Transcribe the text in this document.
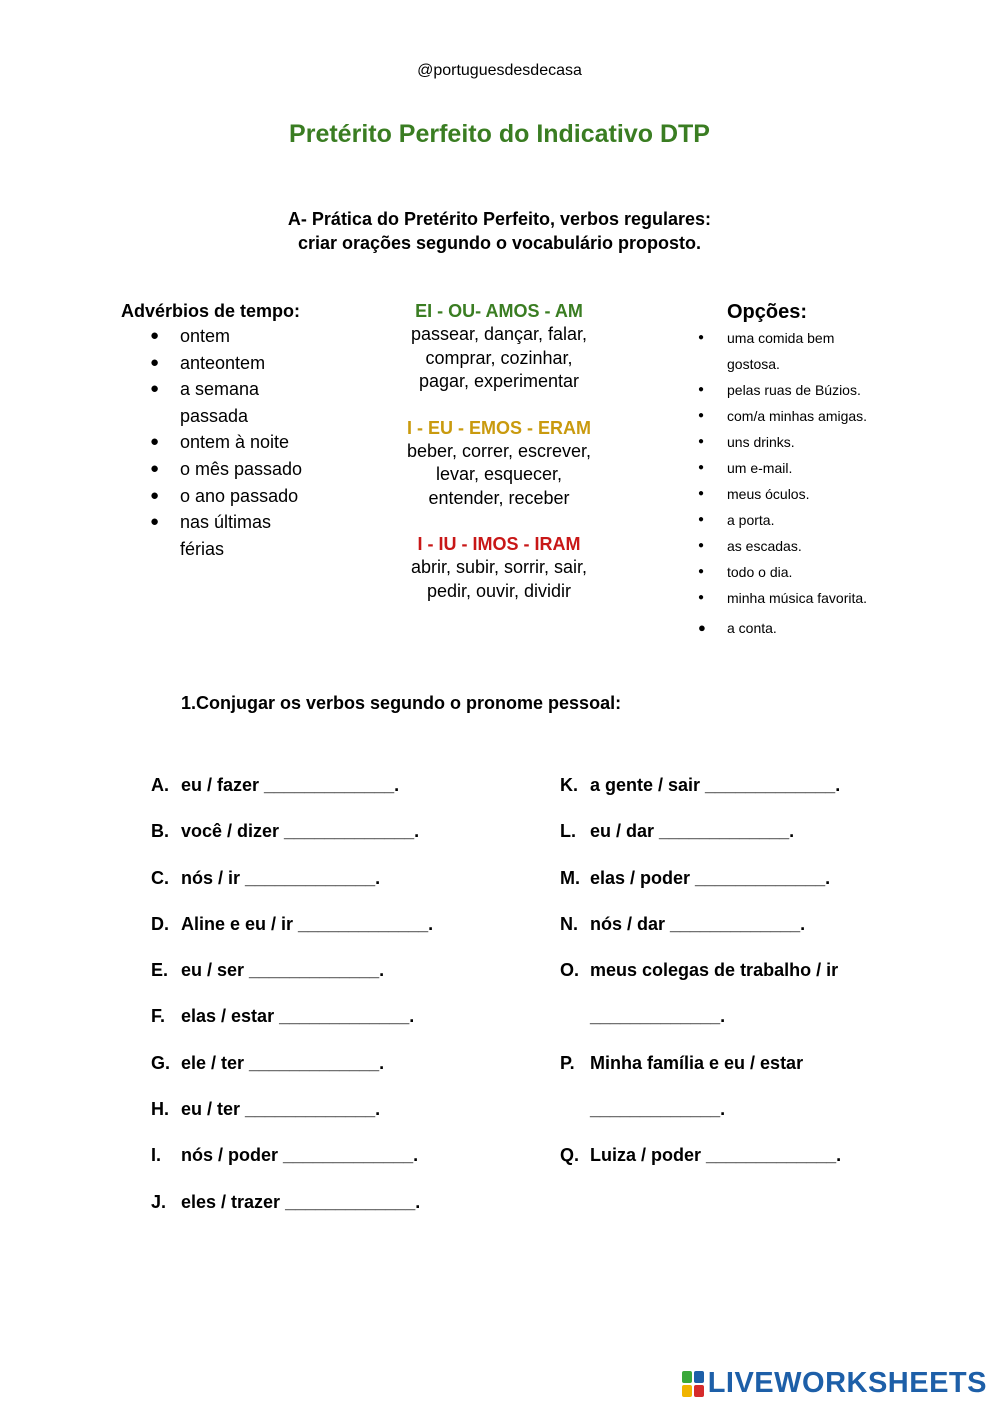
@portuguesdesdecasa
Pretérito Perfeito do Indicativo DTP
A- Prática do Pretérito Perfeito, verbos regulares:
criar orações segundo o vocabulário proposto.
Advérbios de tempo:
● ontem
● anteontem
● a semana passada
● ontem à noite
● o mês passado
● o ano passado
● nas últimas férias
EI - OU- AMOS - AM
passear, dançar, falar,
comprar, cozinhar,
pagar, experimentar
I - EU - EMOS - ERAM
beber, correr, escrever,
levar, esquecer,
entender, receber
I - IU - IMOS - IRAM
abrir, subir, sorrir, sair,
pedir, ouvir, dividir
Opções:
● uma comida bem
gostosa.
● pelas ruas de Búzios.
● com/a minhas amigas.
● uns drinks.
● um e-mail.
● meus óculos.
● a porta.
● as escadas.
● todo o dia.
● minha música favorita.
● a conta.
1.Conjugar os verbos segundo o pronome pessoal:
A. eu / fazer _____________.
B. você / dizer _____________.
C. nós / ir _____________.
D. Aline e eu / ir _____________.
E. eu / ser _____________.
F. elas / estar _____________.
G. ele / ter _____________.
H. eu / ter _____________.
I. nós / poder _____________.
J. eles / trazer _____________.
K. a gente / sair _____________.
L. eu / dar _____________.
M. elas / poder _____________.
N. nós / dar _____________.
O. meus colegas de trabalho / ir
_____________.
P. Minha família e eu / estar
_____________.
Q. Luiza / poder _____________.
LIVEWORKSHEETS
